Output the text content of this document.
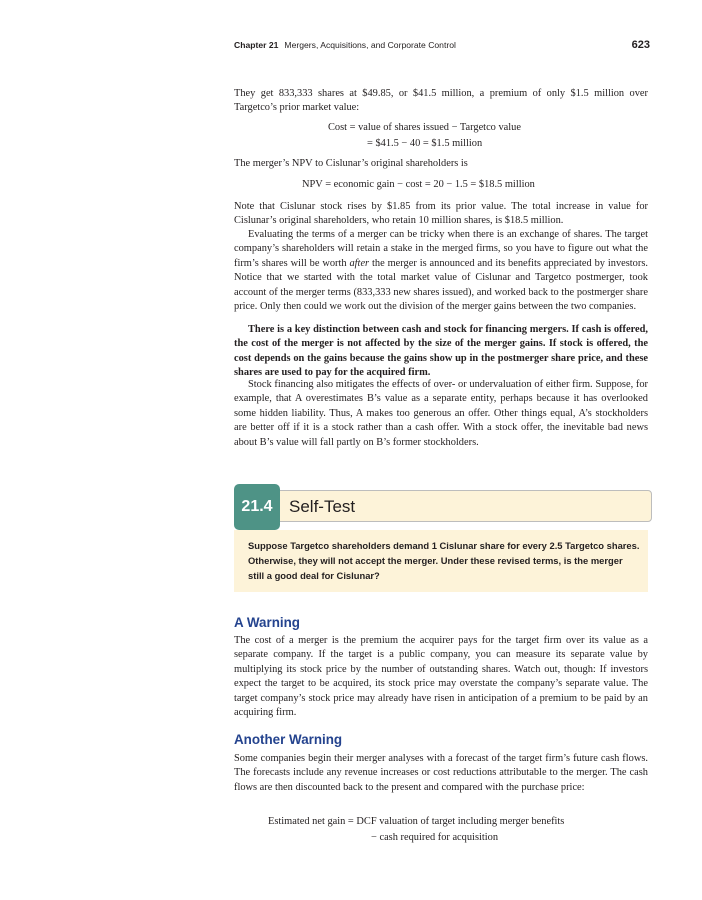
Chapter 21 Mergers, Acquisitions, and Corporate Control	623

They get 833,333 shares at $49.85, or $41.5 million, a premium of only $1.5 million over Targetco’s prior market value:

Cost = value of shares issued − Targetco value
= $41.5 − 40 = $1.5 million

The merger’s NPV to Cislunar’s original shareholders is

NPV = economic gain − cost = 20 − 1.5 = $18.5 million

Note that Cislunar stock rises by $1.85 from its prior value. The total increase in value for Cislunar’s original shareholders, who retain 10 million shares, is $18.5 million.

Evaluating the terms of a merger can be tricky when there is an exchange of shares. The target company’s shareholders will retain a stake in the merged firms, so you have to figure out what the firm’s shares will be worth after the merger is announced and its benefits appreciated by investors. Notice that we started with the total market value of Cislunar and Targetco postmerger, took account of the merger terms (833,333 new shares issued), and worked back to the postmerger share price. Only then could we work out the division of the merger gains between the two companies.

There is a key distinction between cash and stock for financing mergers. If cash is offered, the cost of the merger is not affected by the size of the merger gains. If stock is offered, the cost depends on the gains because the gains show up in the postmerger share price, and these shares are used to pay for the acquired firm.

Stock financing also mitigates the effects of over- or undervaluation of either firm. Suppose, for example, that A overestimates B’s value as a separate entity, perhaps because it has overlooked some hidden liability. Thus, A makes too generous an offer. Other things equal, A’s stockholders are better off if it is a stock rather than a cash offer. With a stock offer, the inevitable bad news about B’s value will fall partly on B’s former stockholders.

21.4 Self-Test
Suppose Targetco shareholders demand 1 Cislunar share for every 2.5 Targetco shares. Otherwise, they will not accept the merger. Under these revised terms, is the merger still a good deal for Cislunar?
A Warning

The cost of a merger is the premium the acquirer pays for the target firm over its value as a separate company. If the target is a public company, you can measure its separate value by multiplying its stock price by the number of outstanding shares. Watch out, though: If investors expect the target to be acquired, its stock price may overstate the company’s separate value. The target company’s stock price may already have risen in anticipation of a premium to be paid by an acquiring firm.

Another Warning

Some companies begin their merger analyses with a forecast of the target firm’s future cash flows. The forecasts include any revenue increases or cost reductions attributable to the merger. The cash flows are then discounted back to the present and compared with the purchase price:

Estimated net gain = DCF valuation of target including merger benefits
− cash required for acquisition
